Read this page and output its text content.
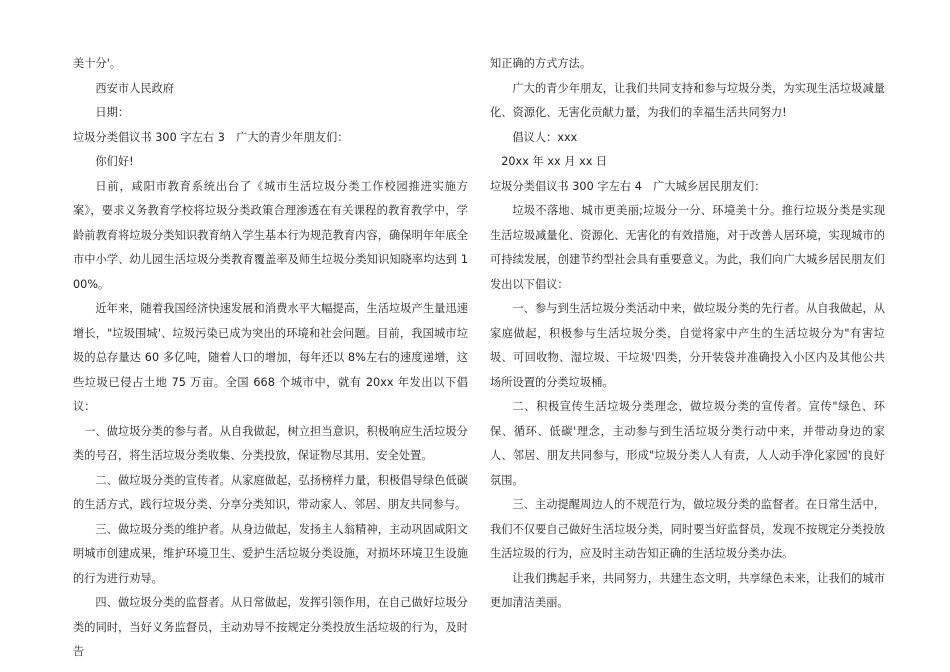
美十分'。

西安市人民政府

日期：

垃圾分类倡议书 300 字左右 3　广大的青少年朋友们：

你们好!

日前，咸阳市教育系统出台了《城市生活垃圾分类工作校园推进实施方案》，要求义务教育学校将垃圾分类政策合理渗透在有关课程的教育教学中，学龄前教育将垃圾分类知识教育纳入学生基本行为规范教育内容，确保明年年底全市中小学、幼儿园生活垃圾分类教育覆盖率及师生垃圾分类知识知晓率均达到 100%。

近年来，随着我国经济快速发展和消费水平大幅提高，生活垃圾产生量迅速增长，"垃圾围城'、垃圾污染已成为突出的环境和社会问题。目前，我国城市垃圾的总存量达 60 多亿吨，随着人口的增加，每年还以 8%左右的速度递增，这些垃圾已侵占土地 75 万亩。全国 668 个城市中，就有 20xx 年发出以下倡议：

一、做垃圾分类的参与者。从自我做起，树立担当意识，积极响应生活垃圾分类的号召，将生活垃圾分类收集、分类投放，保证物尽其用、安全处置。

二、做垃圾分类的宣传者。从家庭做起，弘扬榜样力量，积极倡导绿色低碳的生活方式，践行垃圾分类、分享分类知识，带动家人、邻居、朋友共同参与。

三、做垃圾分类的维护者。从身边做起，发扬主人翁精神，主动巩固咸阳文明城市创建成果，维护环境卫生、爱护生活垃圾分类设施，对损坏环境卫生设施的行为进行劝导。

四、做垃圾分类的监督者。从日常做起，发挥引领作用，在自己做好垃圾分类的同时，当好义务监督员，主动劝导不按规定分类投放生活垃圾的行为，及时告

知正确的方式方法。

广大的青少年朋友，让我们共同支持和参与垃圾分类，为实现生活垃圾减量化、资源化、无害化贡献力量，为我们的幸福生活共同努力!

倡议人：xxx

20xx 年 xx 月 xx 日

垃圾分类倡议书 300 字左右 4　广大城乡居民朋友们：

垃圾不落地、城市更美丽;垃圾分一分、环境美十分。推行垃圾分类是实现生活垃圾减量化、资源化、无害化的有效措施，对于改善人居环境，实现城市的可持续发展，创建节约型社会具有重要意义。为此，我们向广大城乡居民朋友们发出以下倡议：

一、参与到生活垃圾分类活动中来，做垃圾分类的先行者。从自我做起，从家庭做起，积极参与生活垃圾分类，自觉将家中产生的生活垃圾分为"有害垃圾、可回收物、湿垃圾、干垃圾'四类，分开装袋并准确投入小区内及其他公共场所设置的分类垃圾桶。

二、积极宣传生活垃圾分类理念，做垃圾分类的宣传者。宣传"绿色、环保、循环、低碳'理念，主动参与到生活垃圾分类行动中来，并带动身边的家人、邻居、朋友共同参与，形成"垃圾分类人人有责，人人动手净化家园'的良好氛围。

三、主动提醒周边人的不规范行为，做垃圾分类的监督者。在日常生活中，我们不仅要自己做好生活垃圾分类，同时要当好监督员，发现不按规定分类投放生活垃圾的行为，应及时主动告知正确的生活垃圾分类办法。

让我们携起手来，共同努力，共建生态文明，共享绿色未来，让我们的城市更加清洁美丽。
